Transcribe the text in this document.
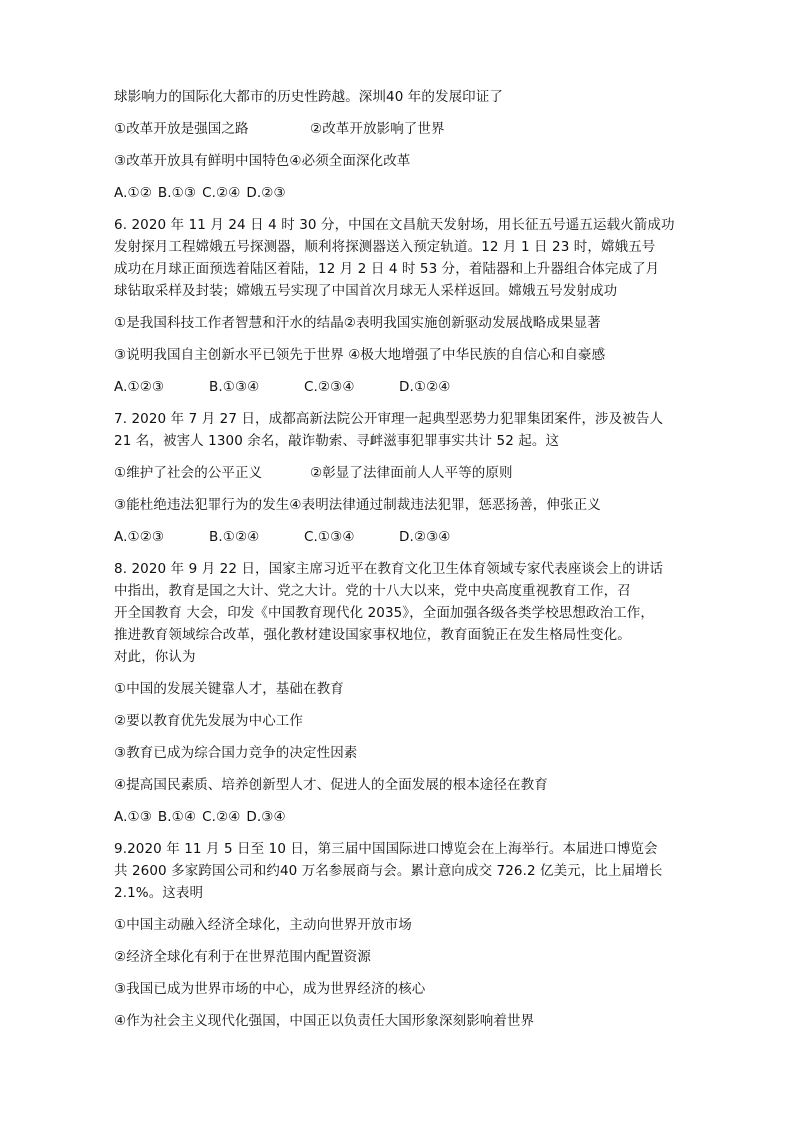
球影响力的国际化大都市的历史性跨越。深圳40 年的发展印证了
①改革开放是强国之路	②改革开放影响了世界
③改革开放具有鲜明中国特色④必须全面深化改革
A.①② B.①③ C.②④ D.②③
6. 2020 年 11 月 24 日 4 时 30 分，中国在文昌航天发射场，用长征五号遥五运载火箭成功
发射探月工程嫦娥五号探测器，顺利将探测器送入预定轨道。12 月 1 日 23 时，嫦娥五号
成功在月球正面预选着陆区着陆，12 月 2 日 4 时 53 分，着陆器和上升器组合体完成了月
球钻取采样及封装；嫦娥五号实现了中国首次月球无人采样返回。嫦娥五号发射成功
①是我国科技工作者智慧和汗水的结晶②表明我国实施创新驱动发展战略成果显著
③说明我国自主创新水平已领先于世界 ④极大地增强了中华民族的自信心和自豪感
A.①②③	B.①③④	C.②③④	D.①②④
7. 2020 年 7 月 27 日，成都高新法院公开审理一起典型恶势力犯罪集团案件，涉及被告人
21 名，被害人 1300 余名，敲诈勒索、寻衅滋事犯罪事实共计 52 起。这
①维护了社会的公平正义	②彰显了法律面前人人平等的原则
③能杜绝违法犯罪行为的发生④表明法律通过制裁违法犯罪，惩恶扬善，伸张正义
A.①②③	B.①②④	C.①③④	D.②③④
8. 2020 年 9 月 22 日，国家主席习近平在教育文化卫生体育领域专家代表座谈会上的讲话
中指出，教育是国之大计、党之大计。党的十八大以来，党中央高度重视教育工作，召
开全国教育 大会，印发《中国教育现代化 2035》，全面加强各级各类学校思想政治工作，
推进教育领域综合改革，强化教材建设国家事权地位，教育面貌正在发生格局性变化。
对此，你认为
①中国的发展关键靠人才，基础在教育
②要以教育优先发展为中心工作
③教育已成为综合国力竞争的决定性因素
④提高国民素质、培养创新型人才、促进人的全面发展的根本途径在教育
A.①③ B.①④ C.②④ D.③④
9.2020 年 11 月 5 日至 10 日，第三届中国国际进口博览会在上海举行。本届进口博览会
共 2600 多家跨国公司和约40 万名参展商与会。累计意向成交 726.2 亿美元，比上届增长
2.1%。这表明
①中国主动融入经济全球化，主动向世界开放市场
②经济全球化有利于在世界范围内配置资源
③我国已成为世界市场的中心，成为世界经济的核心
④作为社会主义现代化强国，中国正以负责任大国形象深刻影响着世界
